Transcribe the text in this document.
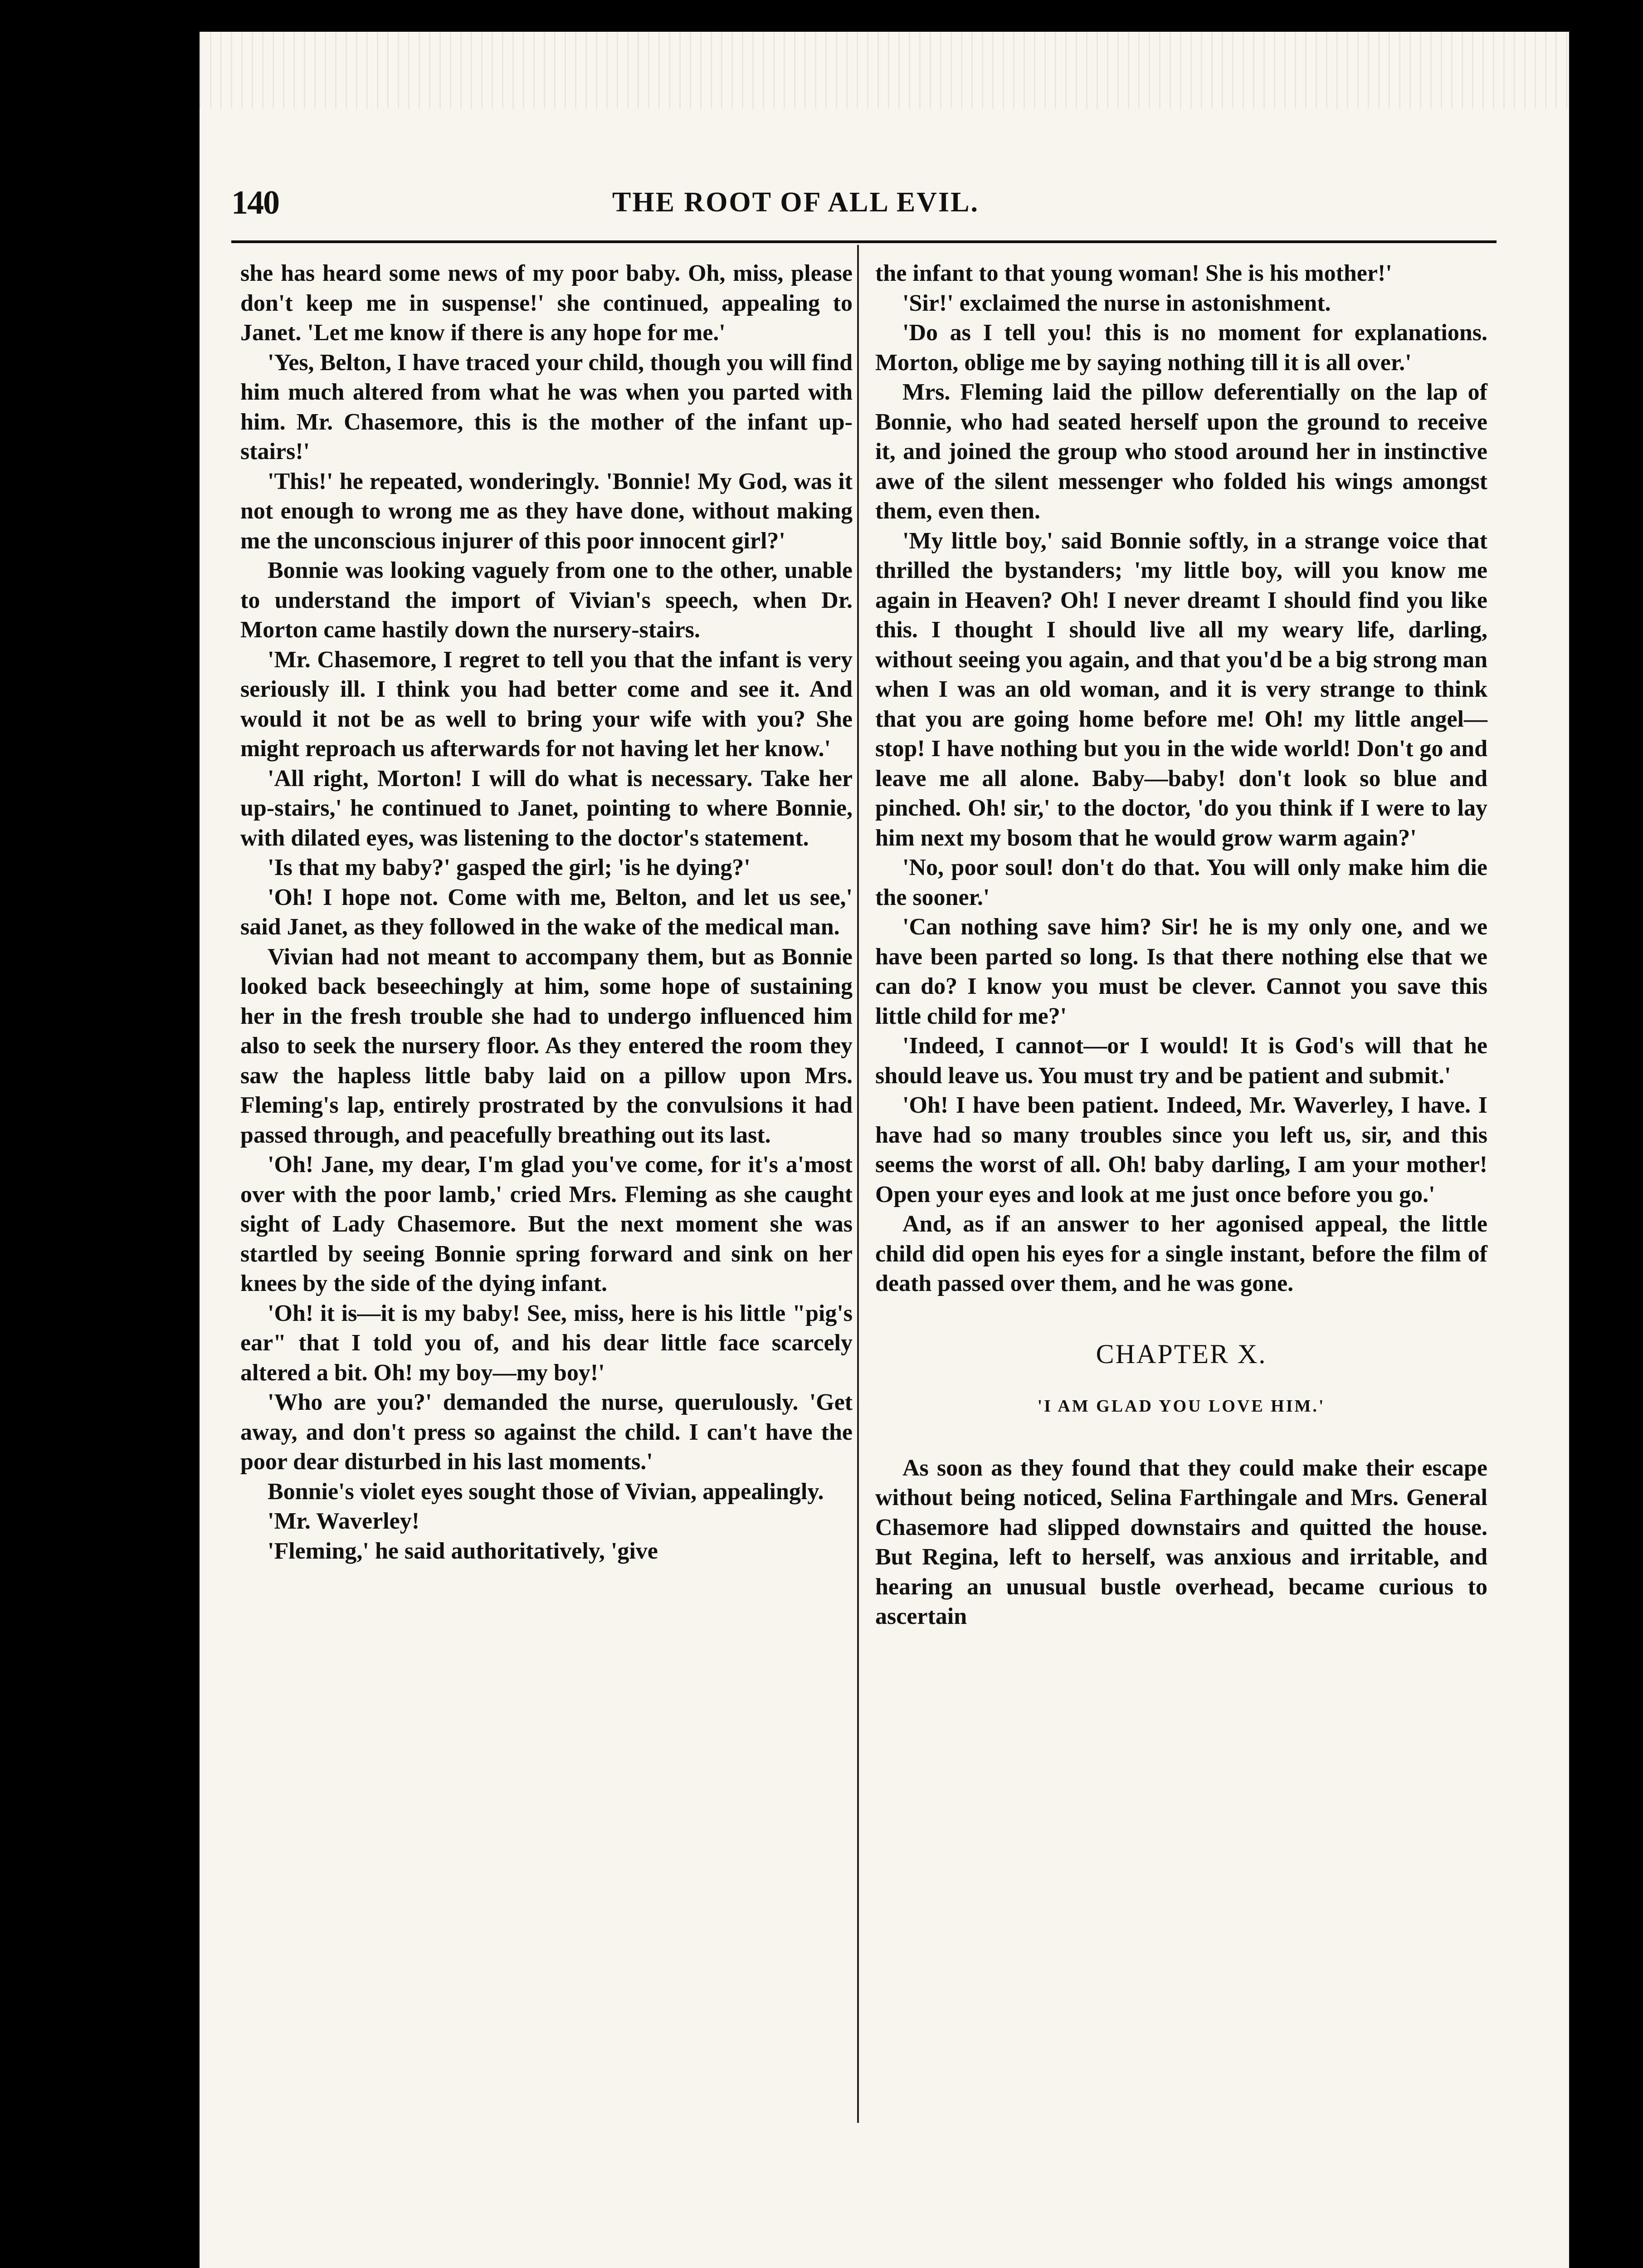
140	THE ROOT OF ALL EVIL.

she has heard some news of my poor baby. Oh, miss, please don't keep me in suspense!' she continued, appealing to Janet. 'Let me know if there is any hope for me.'

'Yes, Belton, I have traced your child, though you will find him much altered from what he was when you parted with him. Mr. Chasemore, this is the mother of the infant up-stairs!'

'This!' he repeated, wonderingly. 'Bonnie! My God, was it not enough to wrong me as they have done, without making me the unconscious injurer of this poor innocent girl?'

Bonnie was looking vaguely from one to the other, unable to understand the import of Vivian's speech, when Dr. Morton came hastily down the nursery-stairs.

'Mr. Chasemore, I regret to tell you that the infant is very seriously ill. I think you had better come and see it. And would it not be as well to bring your wife with you? She might reproach us afterwards for not having let her know.'

'All right, Morton! I will do what is necessary. Take her up-stairs,' he continued to Janet, pointing to where Bonnie, with dilated eyes, was listening to the doctor's statement.

'Is that my baby?' gasped the girl; 'is he dying?'

'Oh! I hope not. Come with me, Belton, and let us see,' said Janet, as they followed in the wake of the medical man.

Vivian had not meant to accompany them, but as Bonnie looked back beseechingly at him, some hope of sustaining her in the fresh trouble she had to undergo influenced him also to seek the nursery floor. As they entered the room they saw the hapless little baby laid on a pillow upon Mrs. Fleming's lap, entirely prostrated by the convulsions it had passed through, and peacefully breathing out its last.

'Oh! Jane, my dear, I'm glad you've come, for it's a'most over with the poor lamb,' cried Mrs. Fleming as she caught sight of Lady Chasemore. But the next moment she was startled by seeing Bonnie spring forward and sink on her knees by the side of the dying infant.

'Oh! it is—it is my baby! See, miss, here is his little "pig's ear" that I told you of, and his dear little face scarcely altered a bit. Oh! my boy—my boy!'

'Who are you?' demanded the nurse, querulously. 'Get away, and don't press so against the child. I can't have the poor dear disturbed in his last moments.'

Bonnie's violet eyes sought those of Vivian, appealingly.

'Mr. Waverley!

'Fleming,' he said authoritatively, 'give

the infant to that young woman! She is his mother!'

'Sir!' exclaimed the nurse in astonishment.

'Do as I tell you! this is no moment for explanations. Morton, oblige me by saying nothing till it is all over.'

Mrs. Fleming laid the pillow deferentially on the lap of Bonnie, who had seated herself upon the ground to receive it, and joined the group who stood around her in instinctive awe of the silent messenger who folded his wings amongst them, even then.

'My little boy,' said Bonnie softly, in a strange voice that thrilled the bystanders; 'my little boy, will you know me again in Heaven? Oh! I never dreamt I should find you like this. I thought I should live all my weary life, darling, without seeing you again, and that you'd be a big strong man when I was an old woman, and it is very strange to think that you are going home before me! Oh! my little angel—stop! I have nothing but you in the wide world! Don't go and leave me all alone. Baby—baby! don't look so blue and pinched. Oh! sir,' to the doctor, 'do you think if I were to lay him next my bosom that he would grow warm again?'

'No, poor soul! don't do that. You will only make him die the sooner.'

'Can nothing save him? Sir! he is my only one, and we have been parted so long. Is that there nothing else that we can do? I know you must be clever. Cannot you save this little child for me?'

'Indeed, I cannot—or I would! It is God's will that he should leave us. You must try and be patient and submit.'

'Oh! I have been patient. Indeed, Mr. Waverley, I have. I have had so many troubles since you left us, sir, and this seems the worst of all. Oh! baby darling, I am your mother! Open your eyes and look at me just once before you go.'

And, as if an answer to her agonised appeal, the little child did open his eyes for a single instant, before the film of death passed over them, and he was gone.

CHAPTER X.
'I AM GLAD YOU LOVE HIM.'

As soon as they found that they could make their escape without being noticed, Selina Farthingale and Mrs. General Chasemore had slipped downstairs and quitted the house. But Regina, left to herself, was anxious and irritable, and hearing an unusual bustle overhead, became curious to ascertain
